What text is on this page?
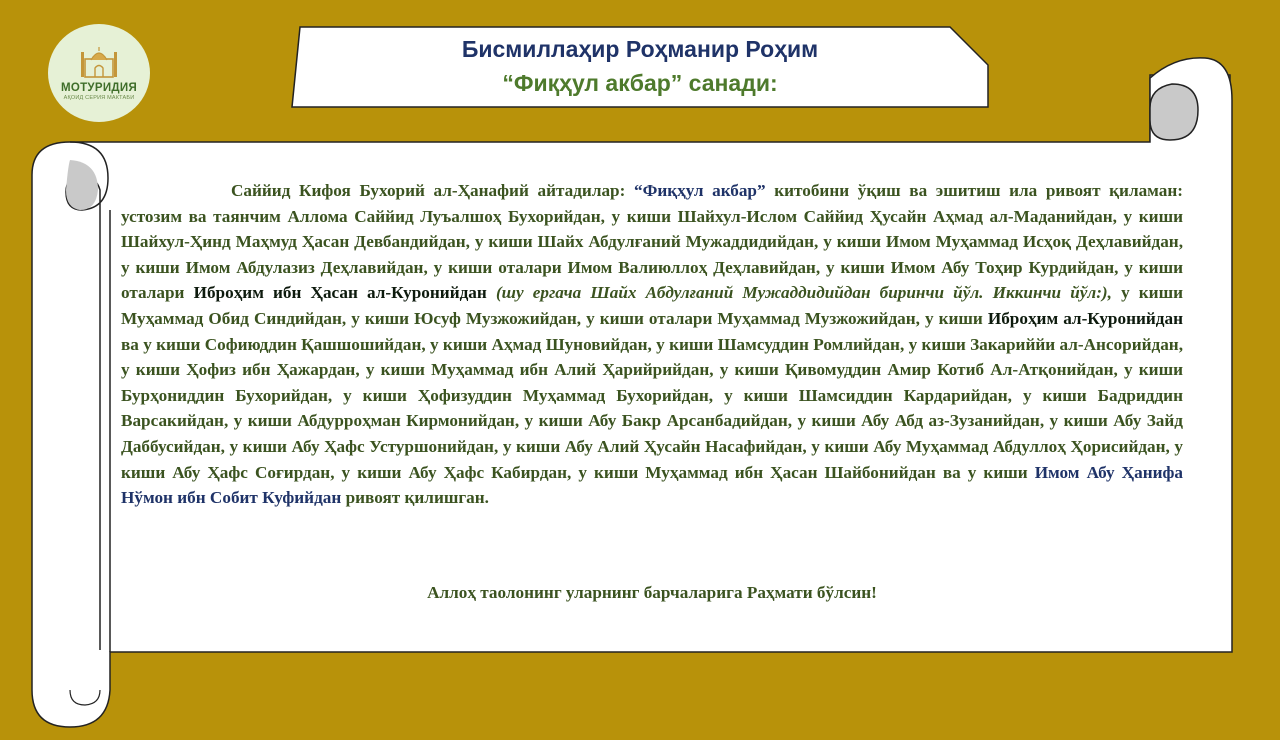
МОТУРИДИЯ
АҚОИД СЕРИЯ МАКТАБИ
Бисмиллаҳир Роҳманир Роҳим
“Фиқҳул акбар” санади:

Саййид Кифоя Бухорий ал-Ҳанафий айтадилар: “Фиқҳул акбар” китобини ўқиш ва эшитиш ила ривоят қиламан: устозим ва таянчим Аллома Саййид Луъалшоҳ Бухорийдан, у киши Шайхул-Ислом Саййид Ҳусайн Аҳмад ал-Маданийдан, у киши Шайхул-Ҳинд Маҳмуд Ҳасан Девбандийдан, у киши Шайх Абдулғаний Мужаддидийдан, у киши Имом Муҳаммад Исҳоқ Деҳлавийдан, у киши Имом Абдулазиз Деҳлавийдан, у киши оталари Имом Валиюллоҳ Деҳлавийдан, у киши Имом Абу Тоҳир Курдийдан, у киши оталари Иброҳим ибн Ҳасан ал-Куронийдан (шу ергача Шайх Абдулғаний Мужаддидийдан биринчи йўл. Иккинчи йўл:), у киши Муҳаммад Обид Синдийдан, у киши Юсуф Музжожийдан, у киши оталари Муҳаммад Музжожийдан, у киши Иброҳим ал-Куронийдан ва у киши Софиюддин Қашшошийдан, у киши Аҳмад Шуновийдан, у киши Шамсуддин Ромлийдан, у киши Закариййи ал-Ансорийдан, у киши Ҳофиз ибн Ҳажардан, у киши Муҳаммад ибн Алий Ҳарийрийдан, у киши Қивомуддин Амир Котиб Ал-Атқонийдан, у киши Бурҳониддин Бухорийдан, у киши Ҳофизуддин Муҳаммад Бухорийдан, у киши Шамсиддин Кардарийдан, у киши Бадриддин Варсакийдан, у киши Абдурроҳман Кирмонийдан, у киши Абу Бакр Арсанбадийдан, у киши Абу Абд аз-Зузанийдан, у киши Абу Зайд Даббусийдан, у киши Абу Ҳафс Устуршонийдан, у киши Абу Алий Ҳусайн Насафийдан, у киши Абу Муҳаммад Абдуллоҳ Ҳорисийдан, у киши Абу Ҳафс Соғирдан, у киши Абу Ҳафс Кабирдан, у киши Муҳаммад ибн Ҳасан Шайбонийдан ва у киши Имом Абу Ҳанифа Нўмон ибн Собит Куфийдан ривоят қилишган.

Аллоҳ таолонинг уларнинг барчаларига Раҳмати бўлсин!
